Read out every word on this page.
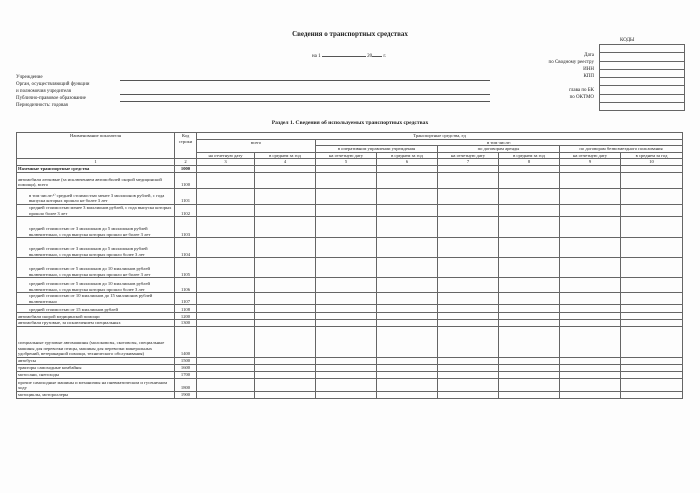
Сведения о транспортных средствах
на 1	20 г.
КОДЫ

Дата
по Сводному реестру
ИНН
КПП
глава по БК
по ОКТМО
Учреждение
Орган, осуществляющий функции
и полномочия учредителя
Публично-правовое образование
Периодичность: годовая
Раздел 1. Сведения об используемых транспортных средствах
Наименование показателя	Код строки	Транспортные средства, ед							
		всего		в том числе:					
				в оперативном управлении учреждения		по договорам аренды		по договорам безвозмездного пользования	
		на отчетную дату	в среднем за год	на отчетную дату	в среднем за год	на отчетную дату	в среднем за год	на отчетную дату	в среднем за год
1	2	3	4	5	6	7	8	9	10
Наземные транспортные средства	1000								
автомобили легковые (за исключением автомобилей скорой медицинской помощи), всего	1100								
в том числе:¹⁾ средней стоимостью менее 3 миллионов рублей, с года выпуска которых прошло не более 3 лет	1101								
средней стоимостью менее 3 миллионов рублей, с года выпуска которых прошло более 3 лет	1102								
средней стоимостью от 3 миллионов до 5 миллионов рублей включительно, с года выпуска которых прошло не более 3 лет	1103								
средней стоимостью от 3 миллионов до 5 миллионов рублей включительно, с года выпуска которых прошло более 3 лет	1104								
средней стоимостью от 5 миллионов до 10 миллионов рублей включительно, с года выпуска которых прошло не более 3 лет	1105								
средней стоимостью от 5 миллионов до 10 миллионов рублей включительно, с года выпуска которых прошло более 3 лет	1106								
средней стоимостью от 10 миллионов до 15 миллионов рублей включительно	1107								
средней стоимостью от 15 миллионов рублей	1108								
автомобили скорой медицинской помощи	1200								
автомобили грузовые, за исключением специальных	1300								
специальные грузовые автомашины (молоковозы, скотовозы, специальные машины для перевозки птицы, машины для перевозки минеральных удобрений, ветеринарной помощи, технического обслуживания)	1400								
автобусы	1500								
тракторы самоходные комбайны	1600								
мотосани, снегоходы	1700								
прочие самоходные машины и механизмы на пневматическом и гусеничном ходу	1800								
мотоциклы, мотороллеры	1900								
